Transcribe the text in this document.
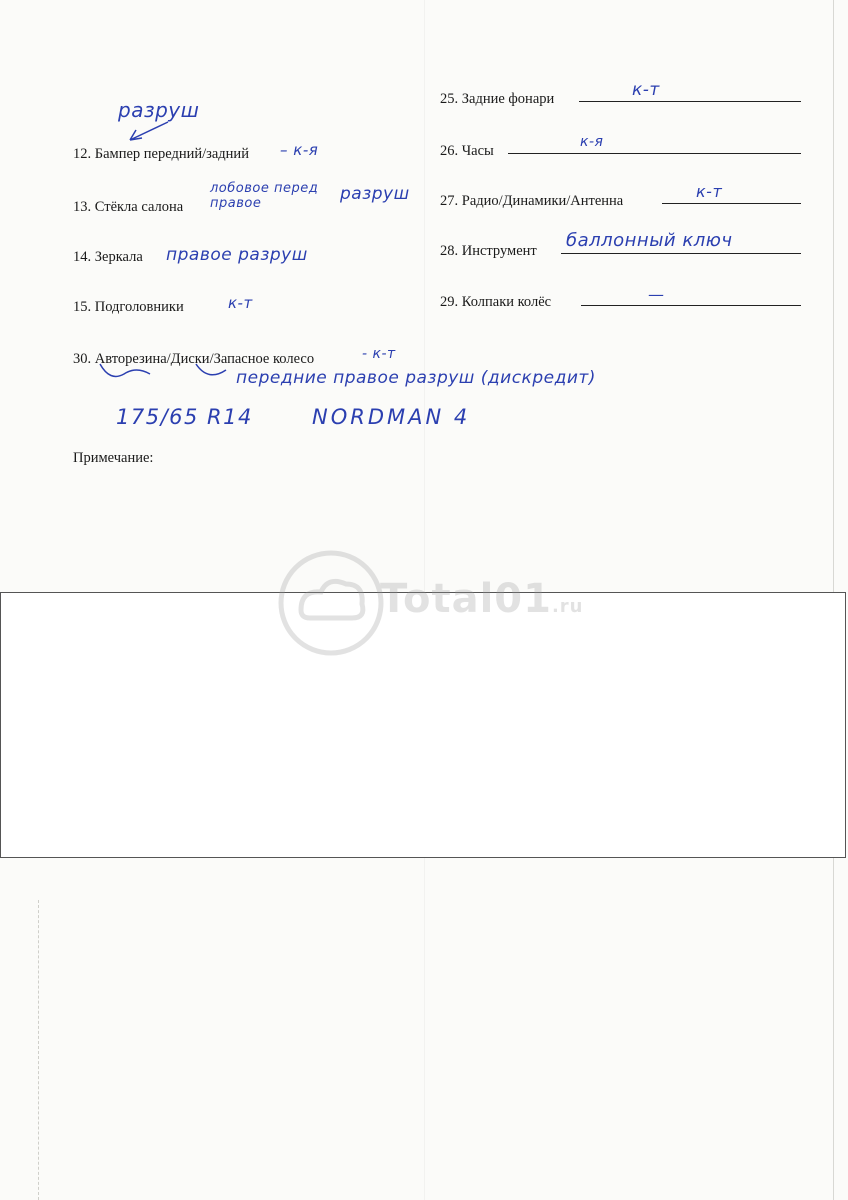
разруш
12. Бампер передний/задний – к-я
13. Стёкла салона
лобовое перед правое	разруш
14. Зеркала правое разруш
15. Подголовники	к-т
25. Задние фонари	к-т
26. Часы
к-я
27. Радио/Динамики/Антенна	к-т
28. Инструмент баллонный ключ
29. Колпаки колёс	—
30. Авторезина/Диски/Запасное колесо	- к-т
передние правое разруш (дискредит)
175/65 R14	NORDMAN 4
Примечание:
Total01.ru
